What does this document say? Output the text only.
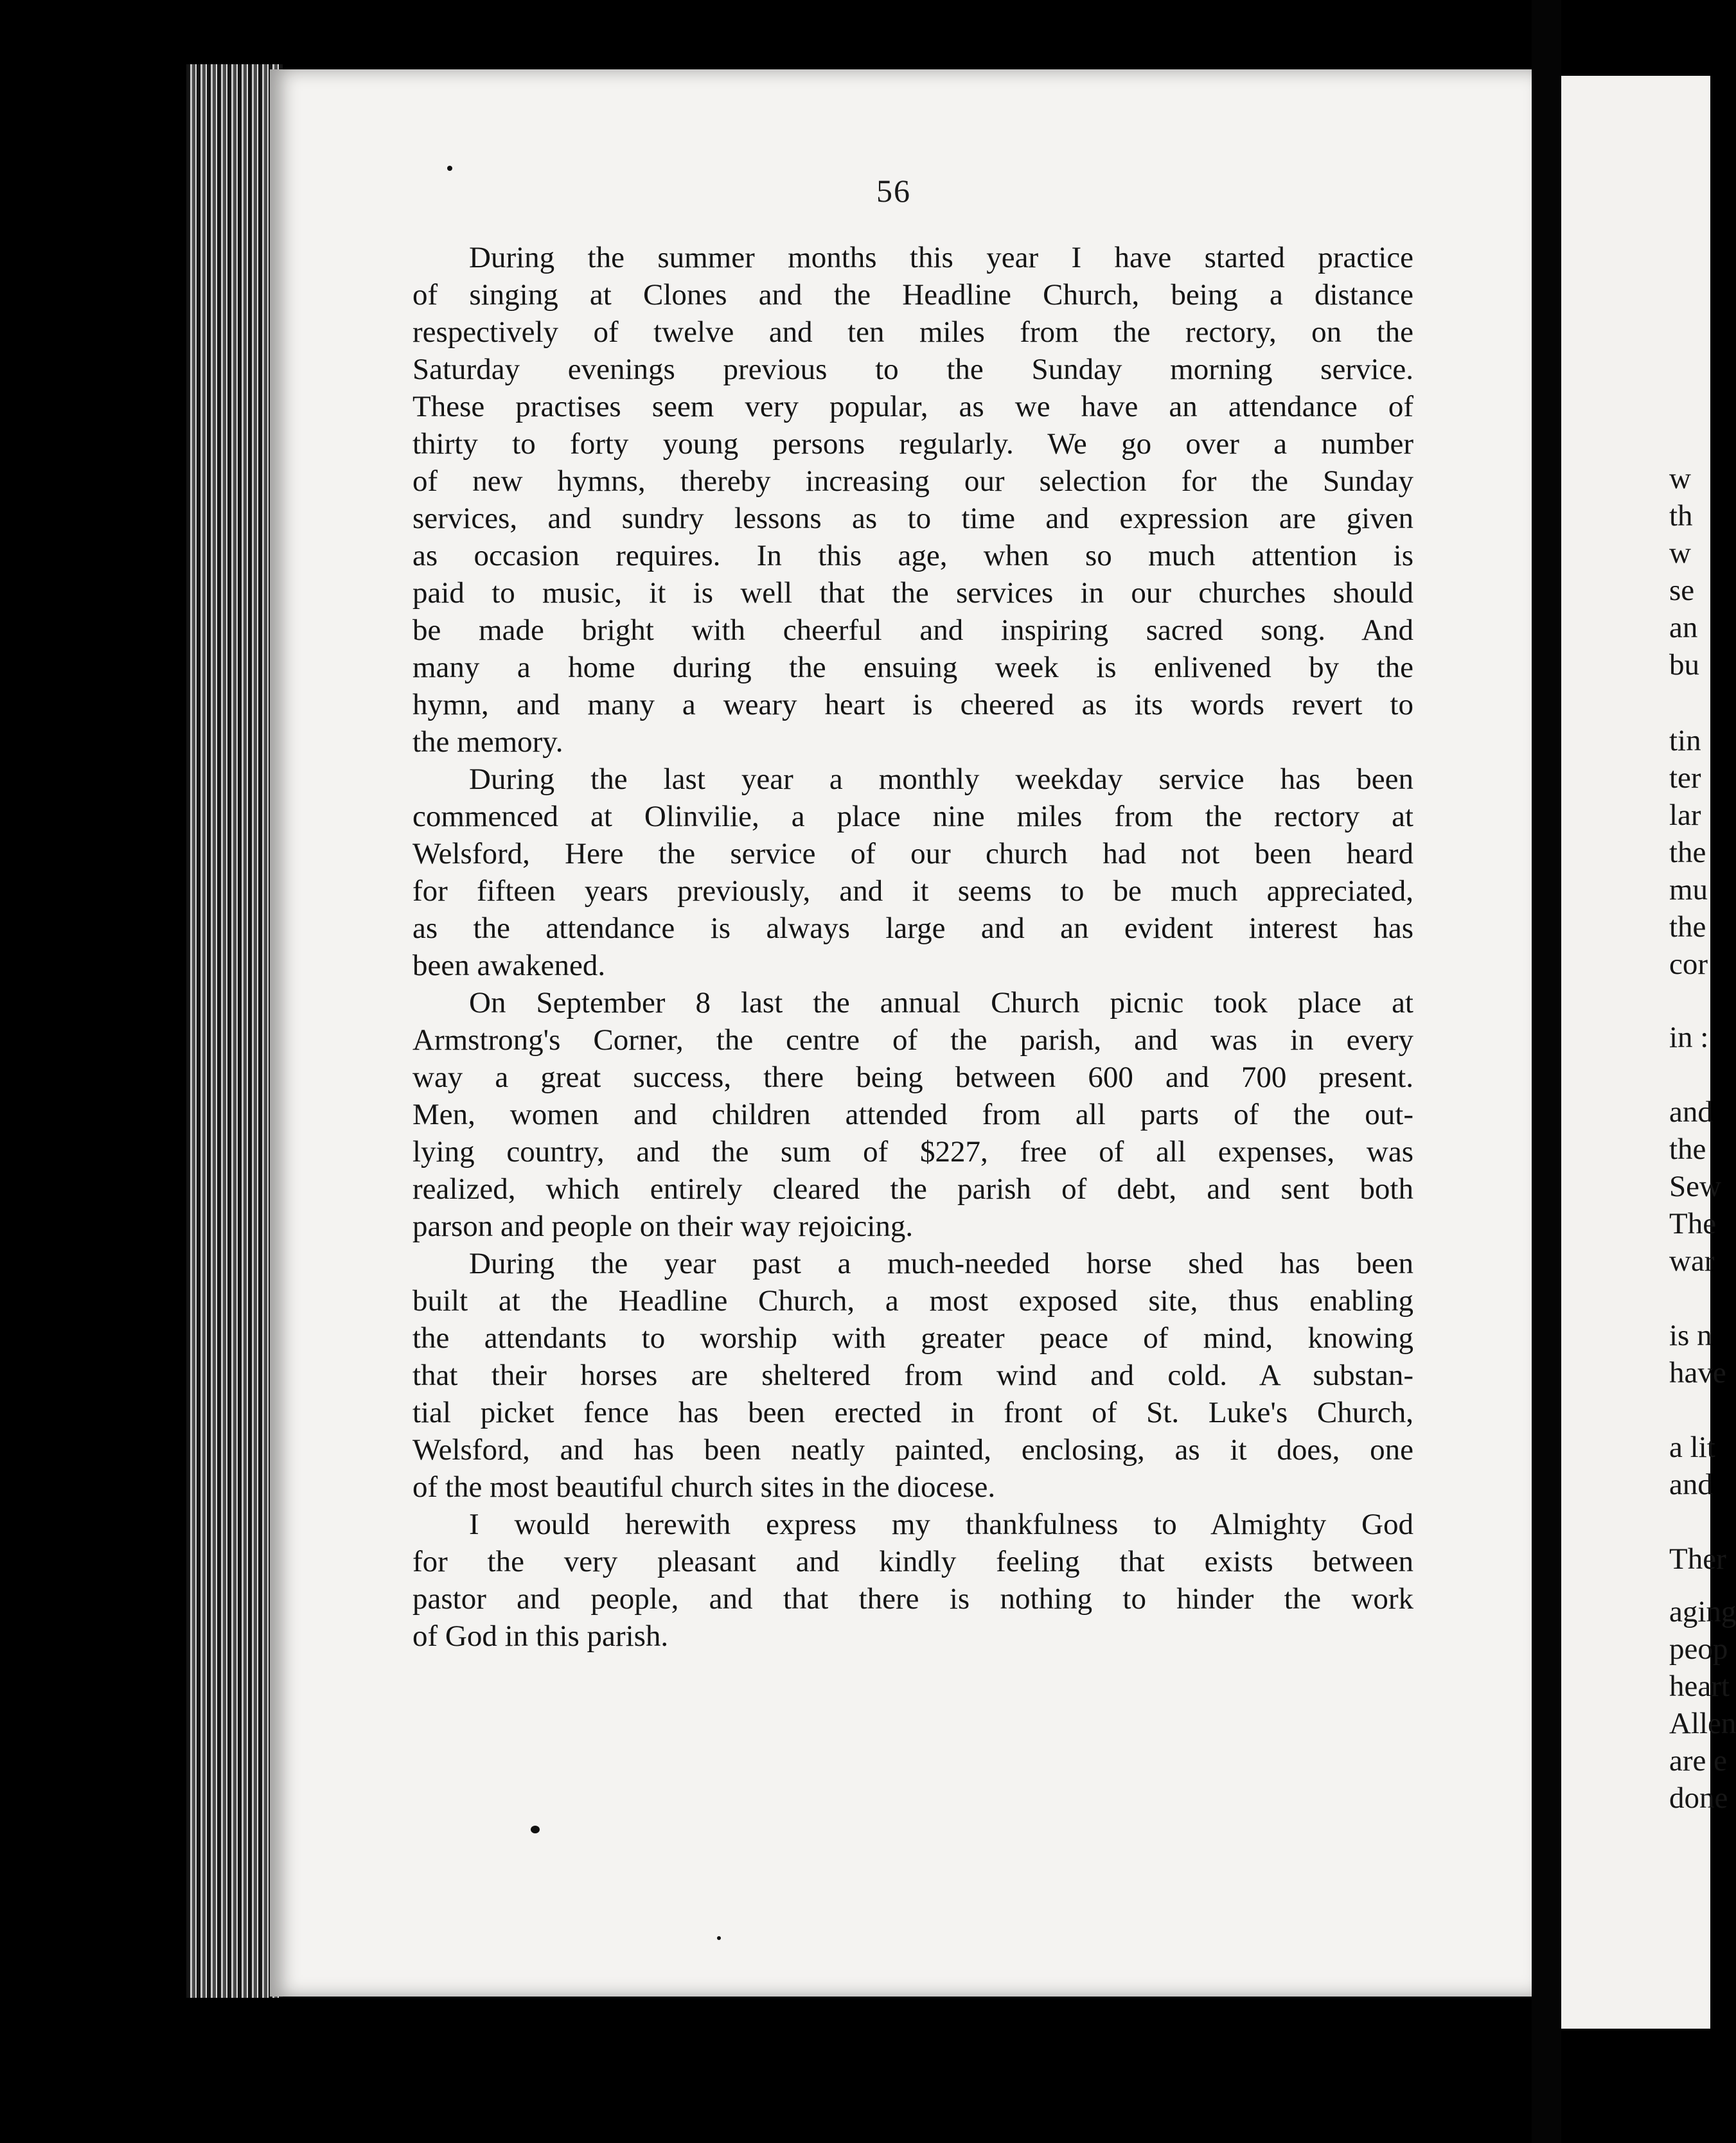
56
During the summer months this year I have started practice
of singing at Clones and the Headline Church, being a distance
respectively of twelve and ten miles from the rectory, on the
Saturday evenings previous to the Sunday morning service.
These practises seem very popular, as we have an attendance of
thirty to forty young persons regularly. We go over a number
of new hymns, thereby increasing our selection for the Sunday
services, and sundry lessons as to time and expression are given
as occasion requires. In this age, when so much attention is
paid to music, it is well that the services in our churches should
be made bright with cheerful and inspiring sacred song. And
many a home during the ensuing week is enlivened by the
hymn, and many a weary heart is cheered as its words revert to
the memory.
During the last year a monthly weekday service has been
commenced at Olinvilie, a place nine miles from the rectory at
Welsford, Here the service of our church had not been heard
for fifteen years previously, and it seems to be much appreciated,
as the attendance is always large and an evident interest has
been awakened.
On September 8 last the annual Church picnic took place at
Armstrong's Corner, the centre of the parish, and was in every
way a great success, there being between 600 and 700 present.
Men, women and children attended from all parts of the out-
lying country, and the sum of $227, free of all expenses, was
realized, which entirely cleared the parish of debt, and sent both
parson and people on their way rejoicing.
During the year past a much-needed horse shed has been
built at the Headline Church, a most exposed site, thus enabling
the attendants to worship with greater peace of mind, knowing
that their horses are sheltered from wind and cold. A substan-
tial picket fence has been erected in front of St. Luke's Church,
Welsford, and has been neatly painted, enclosing, as it does, one
of the most beautiful church sites in the diocese.
I would herewith express my thankfulness to Almighty God
for the very pleasant and kindly feeling that exists between
pastor and people, and that there is nothing to hinder the work
of God in this parish.
w
th
w
se
an
bu
tin
ter
lar
the
mu
the
cor
in :
and
the
Sew
The
war
is n
have
a lit
and
Ther
aging
peop
heart
Allen
are e
done
